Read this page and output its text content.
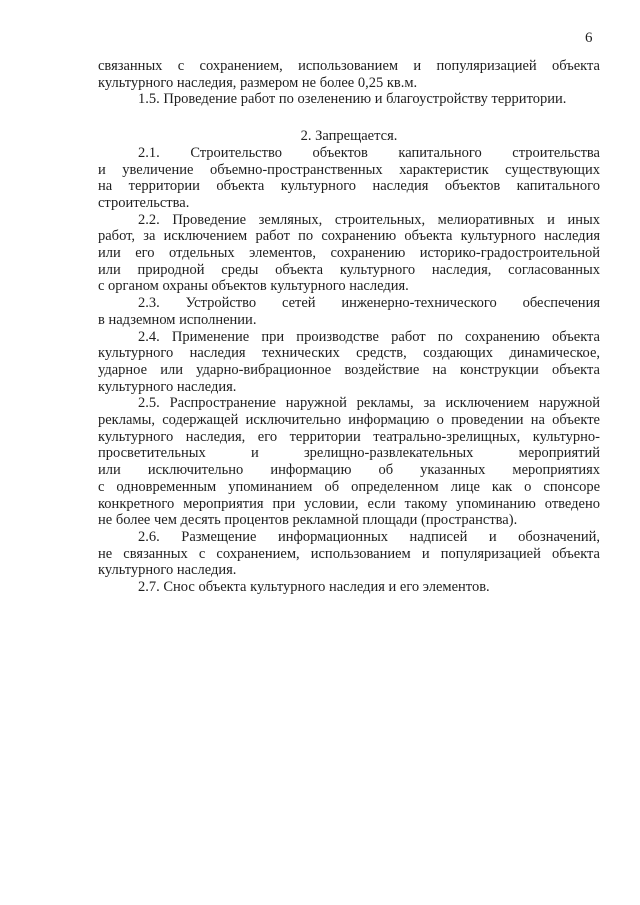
6
связанных с сохранением, использованием и популяризацией объекта
культурного наследия, размером не более 0,25 кв.м.
1.5. Проведение работ по озеленению и благоустройству территории.
2. Запрещается.
2.1. Строительство объектов капитального строительства
и увеличение объемно-пространственных характеристик существующих
на территории объекта культурного наследия объектов капитального
строительства.
2.2. Проведение земляных, строительных, мелиоративных и иных
работ, за исключением работ по сохранению объекта культурного наследия
или его отдельных элементов, сохранению историко-градостроительной
или природной среды объекта культурного наследия, согласованных
с органом охраны объектов культурного наследия.
2.3. Устройство сетей инженерно-технического обеспечения
в надземном исполнении.
2.4. Применение при производстве работ по сохранению объекта
культурного наследия технических средств, создающих динамическое,
ударное или ударно-вибрационное воздействие на конструкции объекта
культурного наследия.
2.5. Распространение наружной рекламы, за исключением наружной
рекламы, содержащей исключительно информацию о проведении на объекте
культурного наследия, его территории театрально-зрелищных, культурно-
просветительных и зрелищно-развлекательных мероприятий
или исключительно информацию об указанных мероприятиях
с одновременным упоминанием об определенном лице как о спонсоре
конкретного мероприятия при условии, если такому упоминанию отведено
не более чем десять процентов рекламной площади (пространства).
2.6. Размещение информационных надписей и обозначений,
не связанных с сохранением, использованием и популяризацией объекта
культурного наследия.
2.7. Снос объекта культурного наследия и его элементов.
